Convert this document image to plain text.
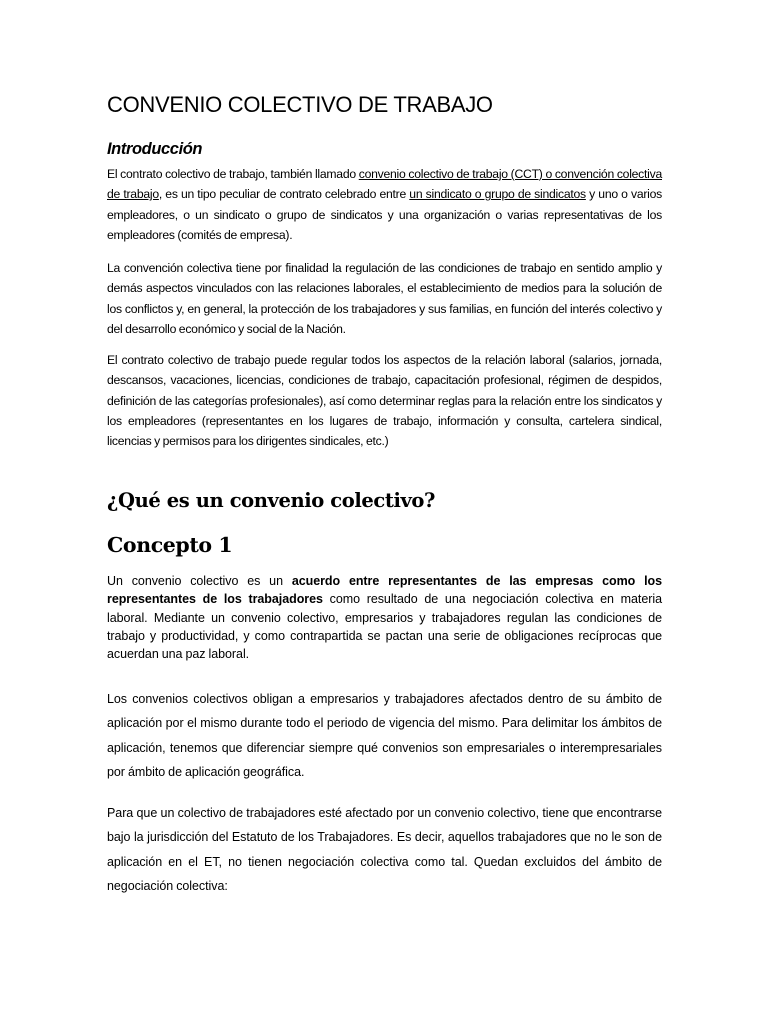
CONVENIO COLECTIVO DE TRABAJO
Introducción

El contrato colectivo de trabajo, también llamado convenio colectivo de trabajo (CCT) o convención colectiva de trabajo, es un tipo peculiar de contrato celebrado entre un sindicato o grupo de sindicatos y uno o varios empleadores, o un sindicato o grupo de sindicatos y una organización o varias representativas de los empleadores (comités de empresa).

La convención colectiva tiene por finalidad la regulación de las condiciones de trabajo en sentido amplio y demás aspectos vinculados con las relaciones laborales, el establecimiento de medios para la solución de los conflictos y, en general, la protección de los trabajadores y sus familias, en función del interés colectivo y del desarrollo económico y social de la Nación.

El contrato colectivo de trabajo puede regular todos los aspectos de la relación laboral (salarios, jornada, descansos, vacaciones, licencias, condiciones de trabajo, capacitación profesional, régimen de despidos, definición de las categorías profesionales), así como determinar reglas para la relación entre los sindicatos y los empleadores (representantes en los lugares de trabajo, información y consulta, cartelera sindical, licencias y permisos para los dirigentes sindicales, etc.)

¿Qué es un convenio colectivo?
Concepto 1

Un convenio colectivo es un acuerdo entre representantes de las empresas como los representantes de los trabajadores como resultado de una negociación colectiva en materia laboral. Mediante un convenio colectivo, empresarios y trabajadores regulan las condiciones de trabajo y productividad, y como contrapartida se pactan una serie de obligaciones recíprocas que acuerdan una paz laboral.

Los convenios colectivos obligan a empresarios y trabajadores afectados dentro de su ámbito de aplicación por el mismo durante todo el periodo de vigencia del mismo. Para delimitar los ámbitos de aplicación, tenemos que diferenciar siempre qué convenios son empresariales o interempresariales por ámbito de aplicación geográfica.

Para que un colectivo de trabajadores esté afectado por un convenio colectivo, tiene que encontrarse bajo la jurisdicción del Estatuto de los Trabajadores. Es decir, aquellos trabajadores que no le son de aplicación en el ET, no tienen negociación colectiva como tal. Quedan excluidos del ámbito de negociación colectiva:
